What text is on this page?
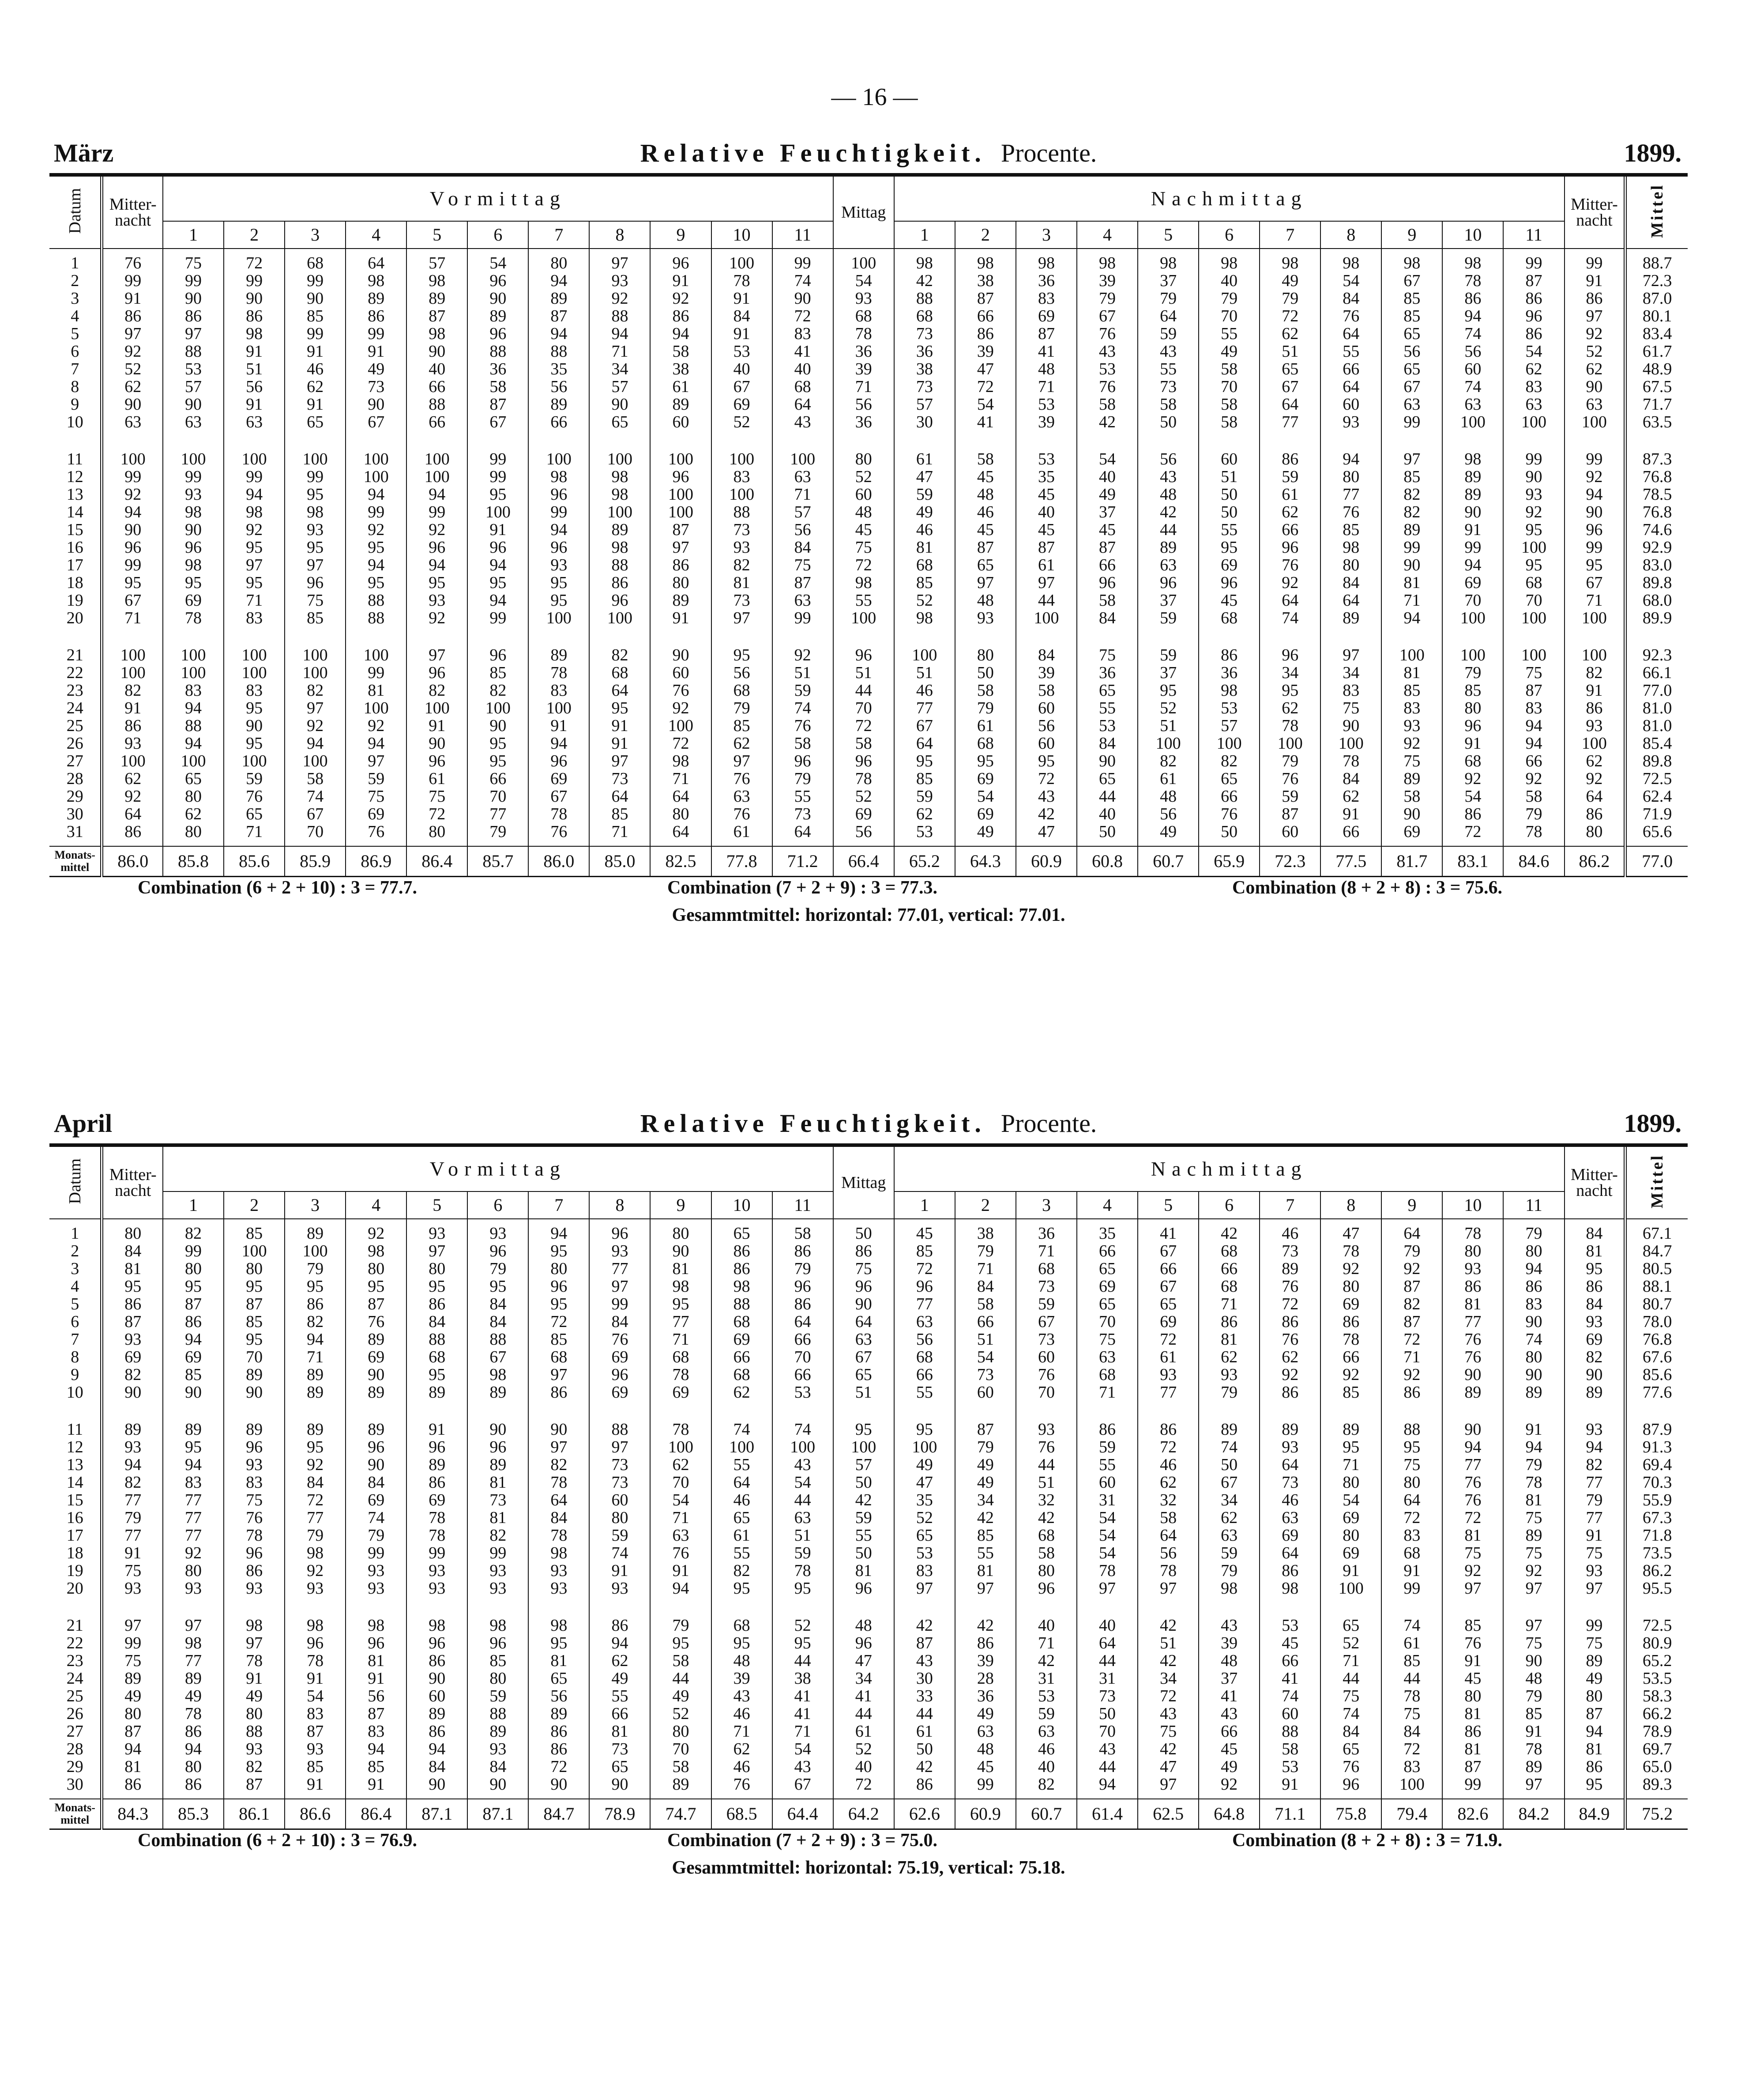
— 16 —
März	Relative Feuchtigkeit. Procente.	1899.
Datum	Mitter-
nacht	Vormittag											Mittag	Nachmittag											Mitter-
nacht	Mittel
		1	2	3	4	5	6	7	8	9	10	11		1	2	3	4	5	6	7	8	9	10	11		

1	76	75	72	68	64	57	54	80	97	96	100	99	100	98	98	98	98	98	98	98	98	98	98	99	99	88.7
2	99	99	99	99	98	98	96	94	93	91	78	74	54	42	38	36	39	37	40	49	54	67	78	87	91	72.3
3	91	90	90	90	89	89	90	89	92	92	91	90	93	88	87	83	79	79	79	79	84	85	86	86	86	87.0
4	86	86	86	85	86	87	89	87	88	86	84	72	68	68	66	69	67	64	70	72	76	85	94	96	97	80.1
5	97	97	98	99	99	98	96	94	94	94	91	83	78	73	86	87	76	59	55	62	64	65	74	86	92	83.4
6	92	88	91	91	91	90	88	88	71	58	53	41	36	36	39	41	43	43	49	51	55	56	56	54	52	61.7
7	52	53	51	46	49	40	36	35	34	38	40	40	39	38	47	48	53	55	58	65	66	65	60	62	62	48.9
8	62	57	56	62	73	66	58	56	57	61	67	68	71	73	72	71	76	73	70	67	64	67	74	83	90	67.5
9	90	90	91	91	90	88	87	89	90	89	69	64	56	57	54	53	58	58	58	64	60	63	63	63	63	71.7
10	63	63	63	65	67	66	67	66	65	60	52	43	36	30	41	39	42	50	58	77	93	99	100	100	100	63.5

11	100	100	100	100	100	100	99	100	100	100	100	100	80	61	58	53	54	56	60	86	94	97	98	99	99	87.3
12	99	99	99	99	100	100	99	98	98	96	83	63	52	47	45	35	40	43	51	59	80	85	89	90	92	76.8
13	92	93	94	95	94	94	95	96	98	100	100	71	60	59	48	45	49	48	50	61	77	82	89	93	94	78.5
14	94	98	98	98	99	99	100	99	100	100	88	57	48	49	46	40	37	42	50	62	76	82	90	92	90	76.8
15	90	90	92	93	92	92	91	94	89	87	73	56	45	46	45	45	45	44	55	66	85	89	91	95	96	74.6
16	96	96	95	95	95	96	96	96	98	97	93	84	75	81	87	87	87	89	95	96	98	99	99	100	99	92.9
17	99	98	97	97	94	94	94	93	88	86	82	75	72	68	65	61	66	63	69	76	80	90	94	95	95	83.0
18	95	95	95	96	95	95	95	95	86	80	81	87	98	85	97	97	96	96	96	92	84	81	69	68	67	89.8
19	67	69	71	75	88	93	94	95	96	89	73	63	55	52	48	44	58	37	45	64	64	71	70	70	71	68.0
20	71	78	83	85	88	92	99	100	100	91	97	99	100	98	93	100	84	59	68	74	89	94	100	100	100	89.9

21	100	100	100	100	100	97	96	89	82	90	95	92	96	100	80	84	75	59	86	96	97	100	100	100	100	92.3
22	100	100	100	100	99	96	85	78	68	60	56	51	51	51	50	39	36	37	36	34	34	81	79	75	82	66.1
23	82	83	83	82	81	82	82	83	64	76	68	59	44	46	58	58	65	95	98	95	83	85	85	87	91	77.0
24	91	94	95	97	100	100	100	100	95	92	79	74	70	77	79	60	55	52	53	62	75	83	80	83	86	81.0
25	86	88	90	92	92	91	90	91	91	100	85	76	72	67	61	56	53	51	57	78	90	93	96	94	93	81.0
26	93	94	95	94	94	90	95	94	91	72	62	58	58	64	68	60	84	100	100	100	100	92	91	94	100	85.4
27	100	100	100	100	97	96	95	96	97	98	97	96	96	95	95	95	90	82	82	79	78	75	68	66	62	89.8
28	62	65	59	58	59	61	66	69	73	71	76	79	78	85	69	72	65	61	65	76	84	89	92	92	92	72.5
29	92	80	76	74	75	75	70	67	64	64	63	55	52	59	54	43	44	48	66	59	62	58	54	58	64	62.4
30	64	62	65	67	69	72	77	78	85	80	76	73	69	62	69	42	40	56	76	87	91	90	86	79	86	71.9
31	86	80	71	70	76	80	79	76	71	64	61	64	56	53	49	47	50	49	50	60	66	69	72	78	80	65.6

Monats-
mittel	86.0	85.8	85.6	85.9	86.9	86.4	85.7	86.0	85.0	82.5	77.8	71.2	66.4	65.2	64.3	60.9	60.8	60.7	65.9	72.3	77.5	81.7	83.1	84.6	86.2	77.0
Combination (6 + 2 + 10) : 3 = 77.7.	Combination (7 + 2 + 9) : 3 = 77.3.	Combination (8 + 2 + 8) : 3 = 75.6.
Gesammtmittel: horizontal: 77.01, vertical: 77.01.
April	Relative Feuchtigkeit. Procente.	1899.
Datum	Mitter-
nacht	Vormittag											Mittag	Nachmittag											Mitter-
nacht	Mittel
		1	2	3	4	5	6	7	8	9	10	11		1	2	3	4	5	6	7	8	9	10	11		

1	80	82	85	89	92	93	93	94	96	80	65	58	50	45	38	36	35	41	42	46	47	64	78	79	84	67.1
2	84	99	100	100	98	97	96	95	93	90	86	86	86	85	79	71	66	67	68	73	78	79	80	80	81	84.7
3	81	80	80	79	80	80	79	80	77	81	86	79	75	72	71	68	65	66	66	89	92	92	93	94	95	80.5
4	95	95	95	95	95	95	95	96	97	98	98	96	96	96	84	73	69	67	68	76	80	87	86	86	86	88.1
5	86	87	87	86	87	86	84	95	99	95	88	86	90	77	58	59	65	65	71	72	69	82	81	83	84	80.7
6	87	86	85	82	76	84	84	72	84	77	68	64	64	63	66	67	70	69	86	86	86	87	77	90	93	78.0
7	93	94	95	94	89	88	88	85	76	71	69	66	63	56	51	73	75	72	81	76	78	72	76	74	69	76.8
8	69	69	70	71	69	68	67	68	69	68	66	70	67	68	54	60	63	61	62	62	66	71	76	80	82	67.6
9	82	85	89	89	90	95	98	97	96	78	68	66	65	66	73	76	68	93	93	92	92	92	90	90	90	85.6
10	90	90	90	89	89	89	89	86	69	69	62	53	51	55	60	70	71	77	79	86	85	86	89	89	89	77.6

11	89	89	89	89	89	91	90	90	88	78	74	74	95	95	87	93	86	86	89	89	89	88	90	91	93	87.9
12	93	95	96	95	96	96	96	97	97	100	100	100	100	100	79	76	59	72	74	93	95	95	94	94	94	91.3
13	94	94	93	92	90	89	89	82	73	62	55	43	57	49	49	44	55	46	50	64	71	75	77	79	82	69.4
14	82	83	83	84	84	86	81	78	73	70	64	54	50	47	49	51	60	62	67	73	80	80	76	78	77	70.3
15	77	77	75	72	69	69	73	64	60	54	46	44	42	35	34	32	31	32	34	46	54	64	76	81	79	55.9
16	79	77	76	77	74	78	81	84	80	71	65	63	59	52	42	42	54	58	62	63	69	72	72	75	77	67.3
17	77	77	78	79	79	78	82	78	59	63	61	51	55	65	85	68	54	64	63	69	80	83	81	89	91	71.8
18	91	92	96	98	99	99	99	98	74	76	55	59	50	53	55	58	54	56	59	64	69	68	75	75	75	73.5
19	75	80	86	92	93	93	93	93	91	91	82	78	81	83	81	80	78	78	79	86	91	91	92	92	93	86.2
20	93	93	93	93	93	93	93	93	93	94	95	95	96	97	97	96	97	97	98	98	100	99	97	97	97	95.5

21	97	97	98	98	98	98	98	98	86	79	68	52	48	42	42	40	40	42	43	53	65	74	85	97	99	72.5
22	99	98	97	96	96	96	96	95	94	95	95	95	96	87	86	71	64	51	39	45	52	61	76	75	75	80.9
23	75	77	78	78	81	86	85	81	62	58	48	44	47	43	39	42	44	42	48	66	71	85	91	90	89	65.2
24	89	89	91	91	91	90	80	65	49	44	39	38	34	30	28	31	31	34	37	41	44	44	45	48	49	53.5
25	49	49	49	54	56	60	59	56	55	49	43	41	41	33	36	53	73	72	41	74	75	78	80	79	80	58.3
26	80	78	80	83	87	89	88	89	66	52	46	41	44	44	49	59	50	43	43	60	74	75	81	85	87	66.2
27	87	86	88	87	83	86	89	86	81	80	71	71	61	61	63	63	70	75	66	88	84	84	86	91	94	78.9
28	94	94	93	93	94	94	93	86	73	70	62	54	52	50	48	46	43	42	45	58	65	72	81	78	81	69.7
29	81	80	82	85	85	84	84	72	65	58	46	43	40	42	45	40	44	47	49	53	76	83	87	89	86	65.0
30	86	86	87	91	91	90	90	90	90	89	76	67	72	86	99	82	94	97	92	91	96	100	99	97	95	89.3

Monats-
mittel	84.3	85.3	86.1	86.6	86.4	87.1	87.1	84.7	78.9	74.7	68.5	64.4	64.2	62.6	60.9	60.7	61.4	62.5	64.8	71.1	75.8	79.4	82.6	84.2	84.9	75.2
Combination (6 + 2 + 10) : 3 = 76.9.	Combination (7 + 2 + 9) : 3 = 75.0.	Combination (8 + 2 + 8) : 3 = 71.9.
Gesammtmittel: horizontal: 75.19, vertical: 75.18.
